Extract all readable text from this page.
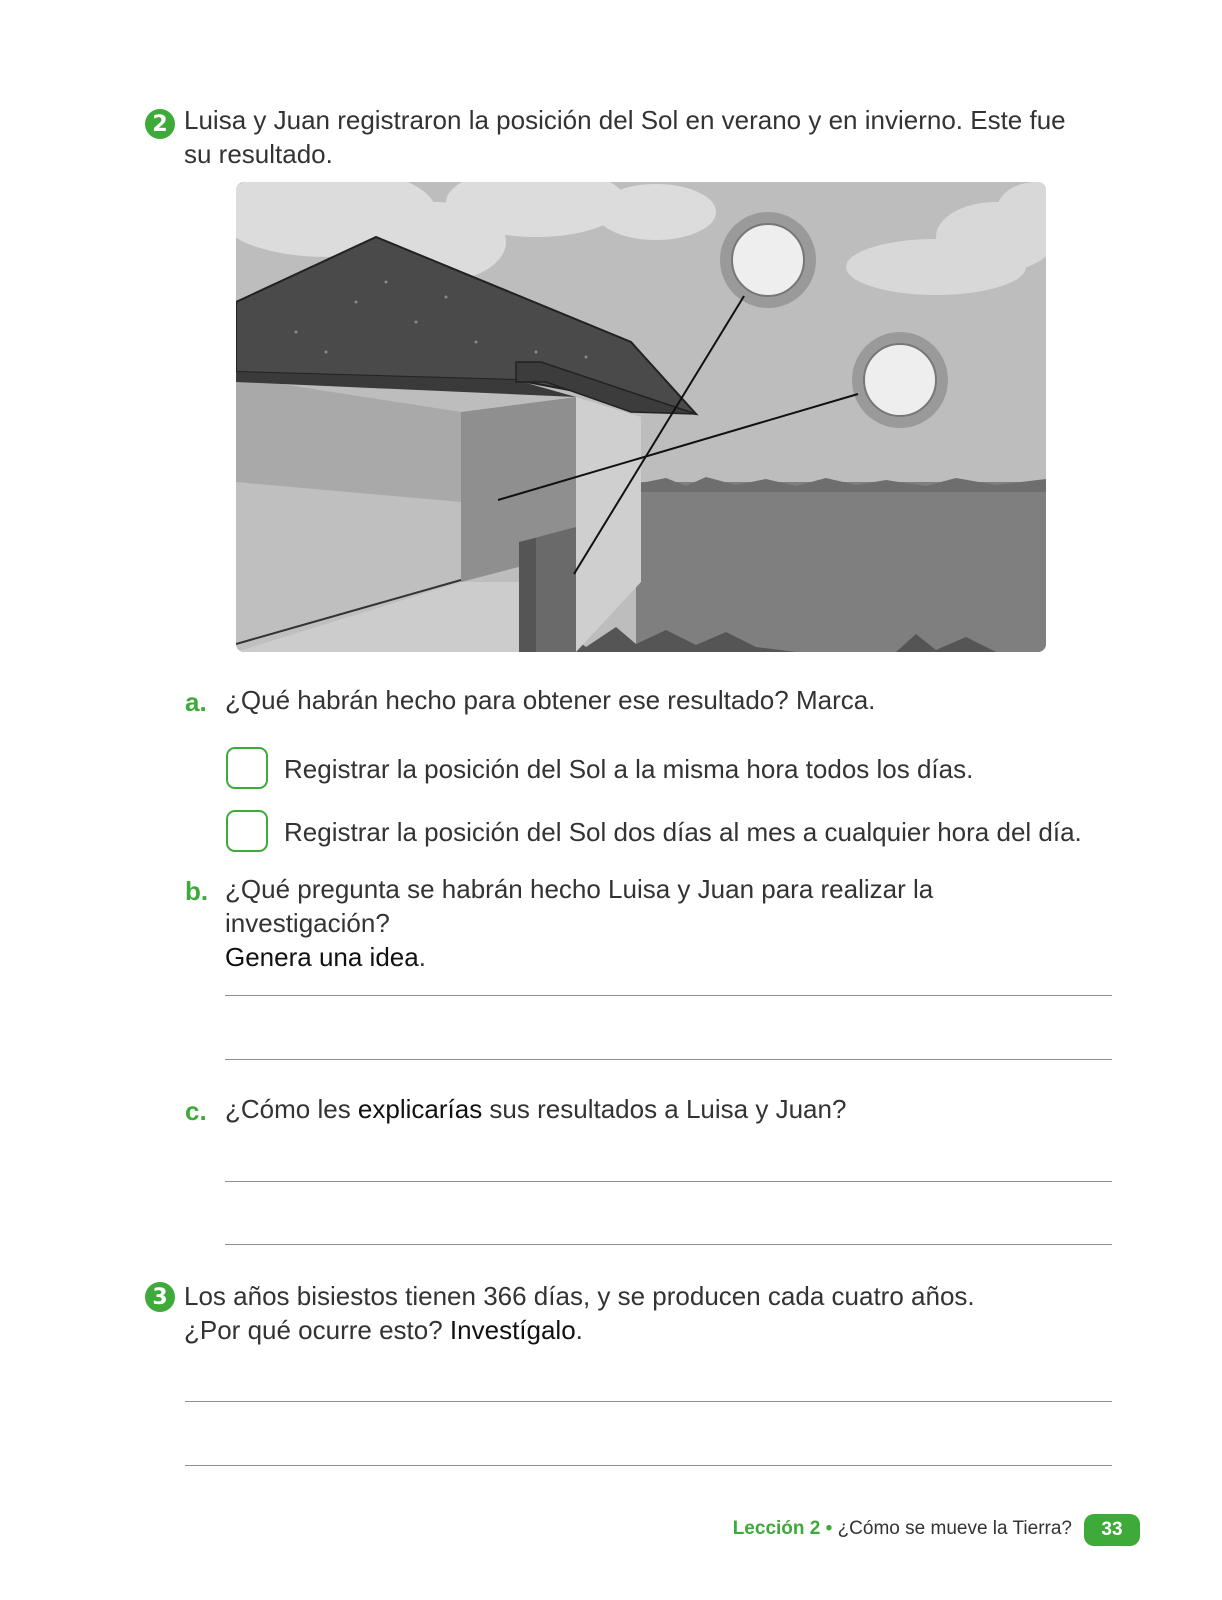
2 Luisa y Juan registraron la posición del Sol en verano y en invierno. Este fue
su resultado.
a. ¿Qué habrán hecho para obtener ese resultado? Marca.
Registrar la posición del Sol a la misma hora todos los días.
Registrar la posición del Sol dos días al mes a cualquier hora del día.
b. ¿Qué pregunta se habrán hecho Luisa y Juan para realizar la investigación?
Genera una idea.
c. ¿Cómo les explicarías sus resultados a Luisa y Juan?
3 Los años bisiestos tienen 366 días, y se producen cada cuatro años.
¿Por qué ocurre esto? Investígalo.
Lección 2 • ¿Cómo se mueve la Tierra? 33
